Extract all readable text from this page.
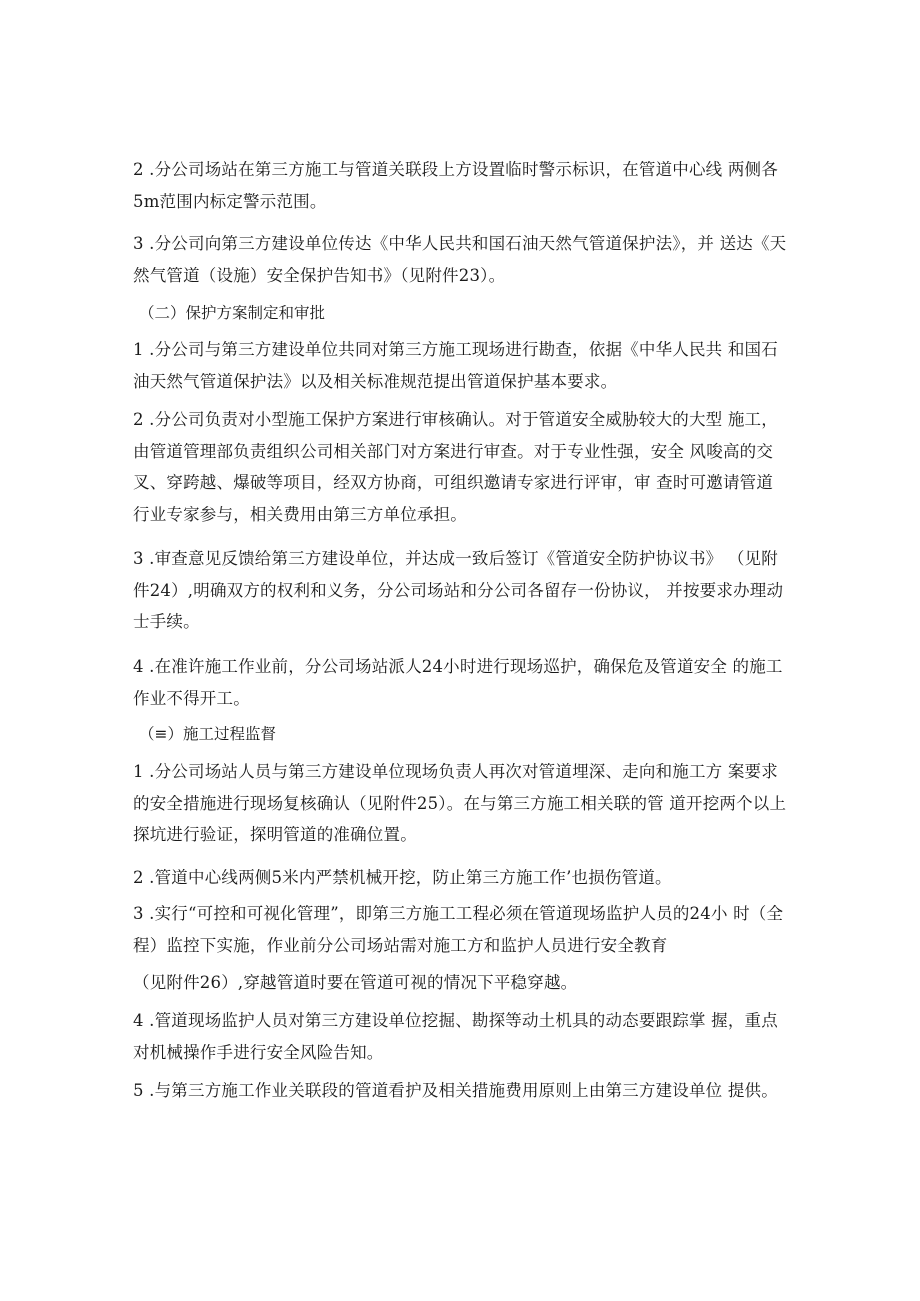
2 .分公司场站在第三方施工与管道关联段上方设置临时警示标识，在管道中心线 两侧各5m范围内标定警示范围。

3 .分公司向第三方建设单位传达《中华人民共和国石油天然气管道保护法》，并 送达《天然气管道（设施）安全保护告知书》（见附件23）。

（二）保护方案制定和审批

1 .分公司与第三方建设单位共同对第三方施工现场进行勘查，依据《中华人民共 和国石油天然气管道保护法》以及相关标准规范提出管道保护基本要求。

2 .分公司负责对小型施工保护方案进行审核确认。对于管道安全威胁较大的大型 施工，由管道管理部负责组织公司相关部门对方案进行审查。对于专业性强，安全 风唆高的交叉、穿跨越、爆破等项目，经双方协商，可组织邀请专家进行评审，审 查时可邀请管道行业专家参与，相关费用由第三方单位承担。

3 .审查意见反馈给第三方建设单位，并达成一致后签订《管道安全防护协议书》 （见附件24）,明确双方的权利和义务，分公司场站和分公司各留存一份协议， 并按要求办理动士手续。

4 .在准许施工作业前，分公司场站派人24小时进行现场巡护，确保危及管道安全 的施工作业不得开工。

（≡）施工过程监督

1 .分公司场站人员与第三方建设单位现场负责人再次对管道埋深、走向和施工方 案要求的安全措施进行现场复核确认（见附件25）。在与第三方施工相关联的管 道开挖两个以上探坑进行验证，探明管道的准确位置。

2 .管道中心线两侧5米内严禁机械开挖，防止第三方施工作’也损伤管道。

3 .实行“可控和可视化管理”，即第三方施工工程必须在管道现场监护人员的24小 时（全程）监控下实施，作业前分公司场站需对施工方和监护人员进行安全教育

（见附件26）,穿越管道时要在管道可视的情况下平稳穿越。

4 .管道现场监护人员对第三方建设单位挖掘、勘探等动土机具的动态要跟踪掌 握，重点对机械操作手进行安全风险告知。

5 .与第三方施工作业关联段的管道看护及相关措施费用原则上由第三方建设单位 提供。
